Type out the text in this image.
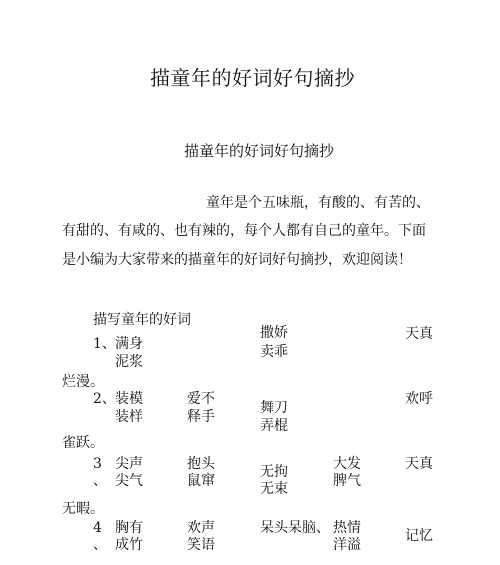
描童年的好词好句摘抄
描童年的好词好句摘抄
童年是个五味瓶，有酸的、有苦的、
有甜的、有咸的、也有辣的，每个人都有自己的童年。下面
是小编为大家带来的描童年的好词好句摘抄，欢迎阅读！
描写童年的好词
1、 满身
泥浆
撒娇
卖乖
天真
烂漫。
2、 装模
装样
爱不
释手
舞刀
弄棍
欢呼
雀跃。
3
、
尖声
尖气
抱头
鼠窜
无拘
无束
大发
脾气
天真
无暇。
4
、
胸有
成竹
欢声
笑语
呆头呆脑、 热情
洋溢
记忆
